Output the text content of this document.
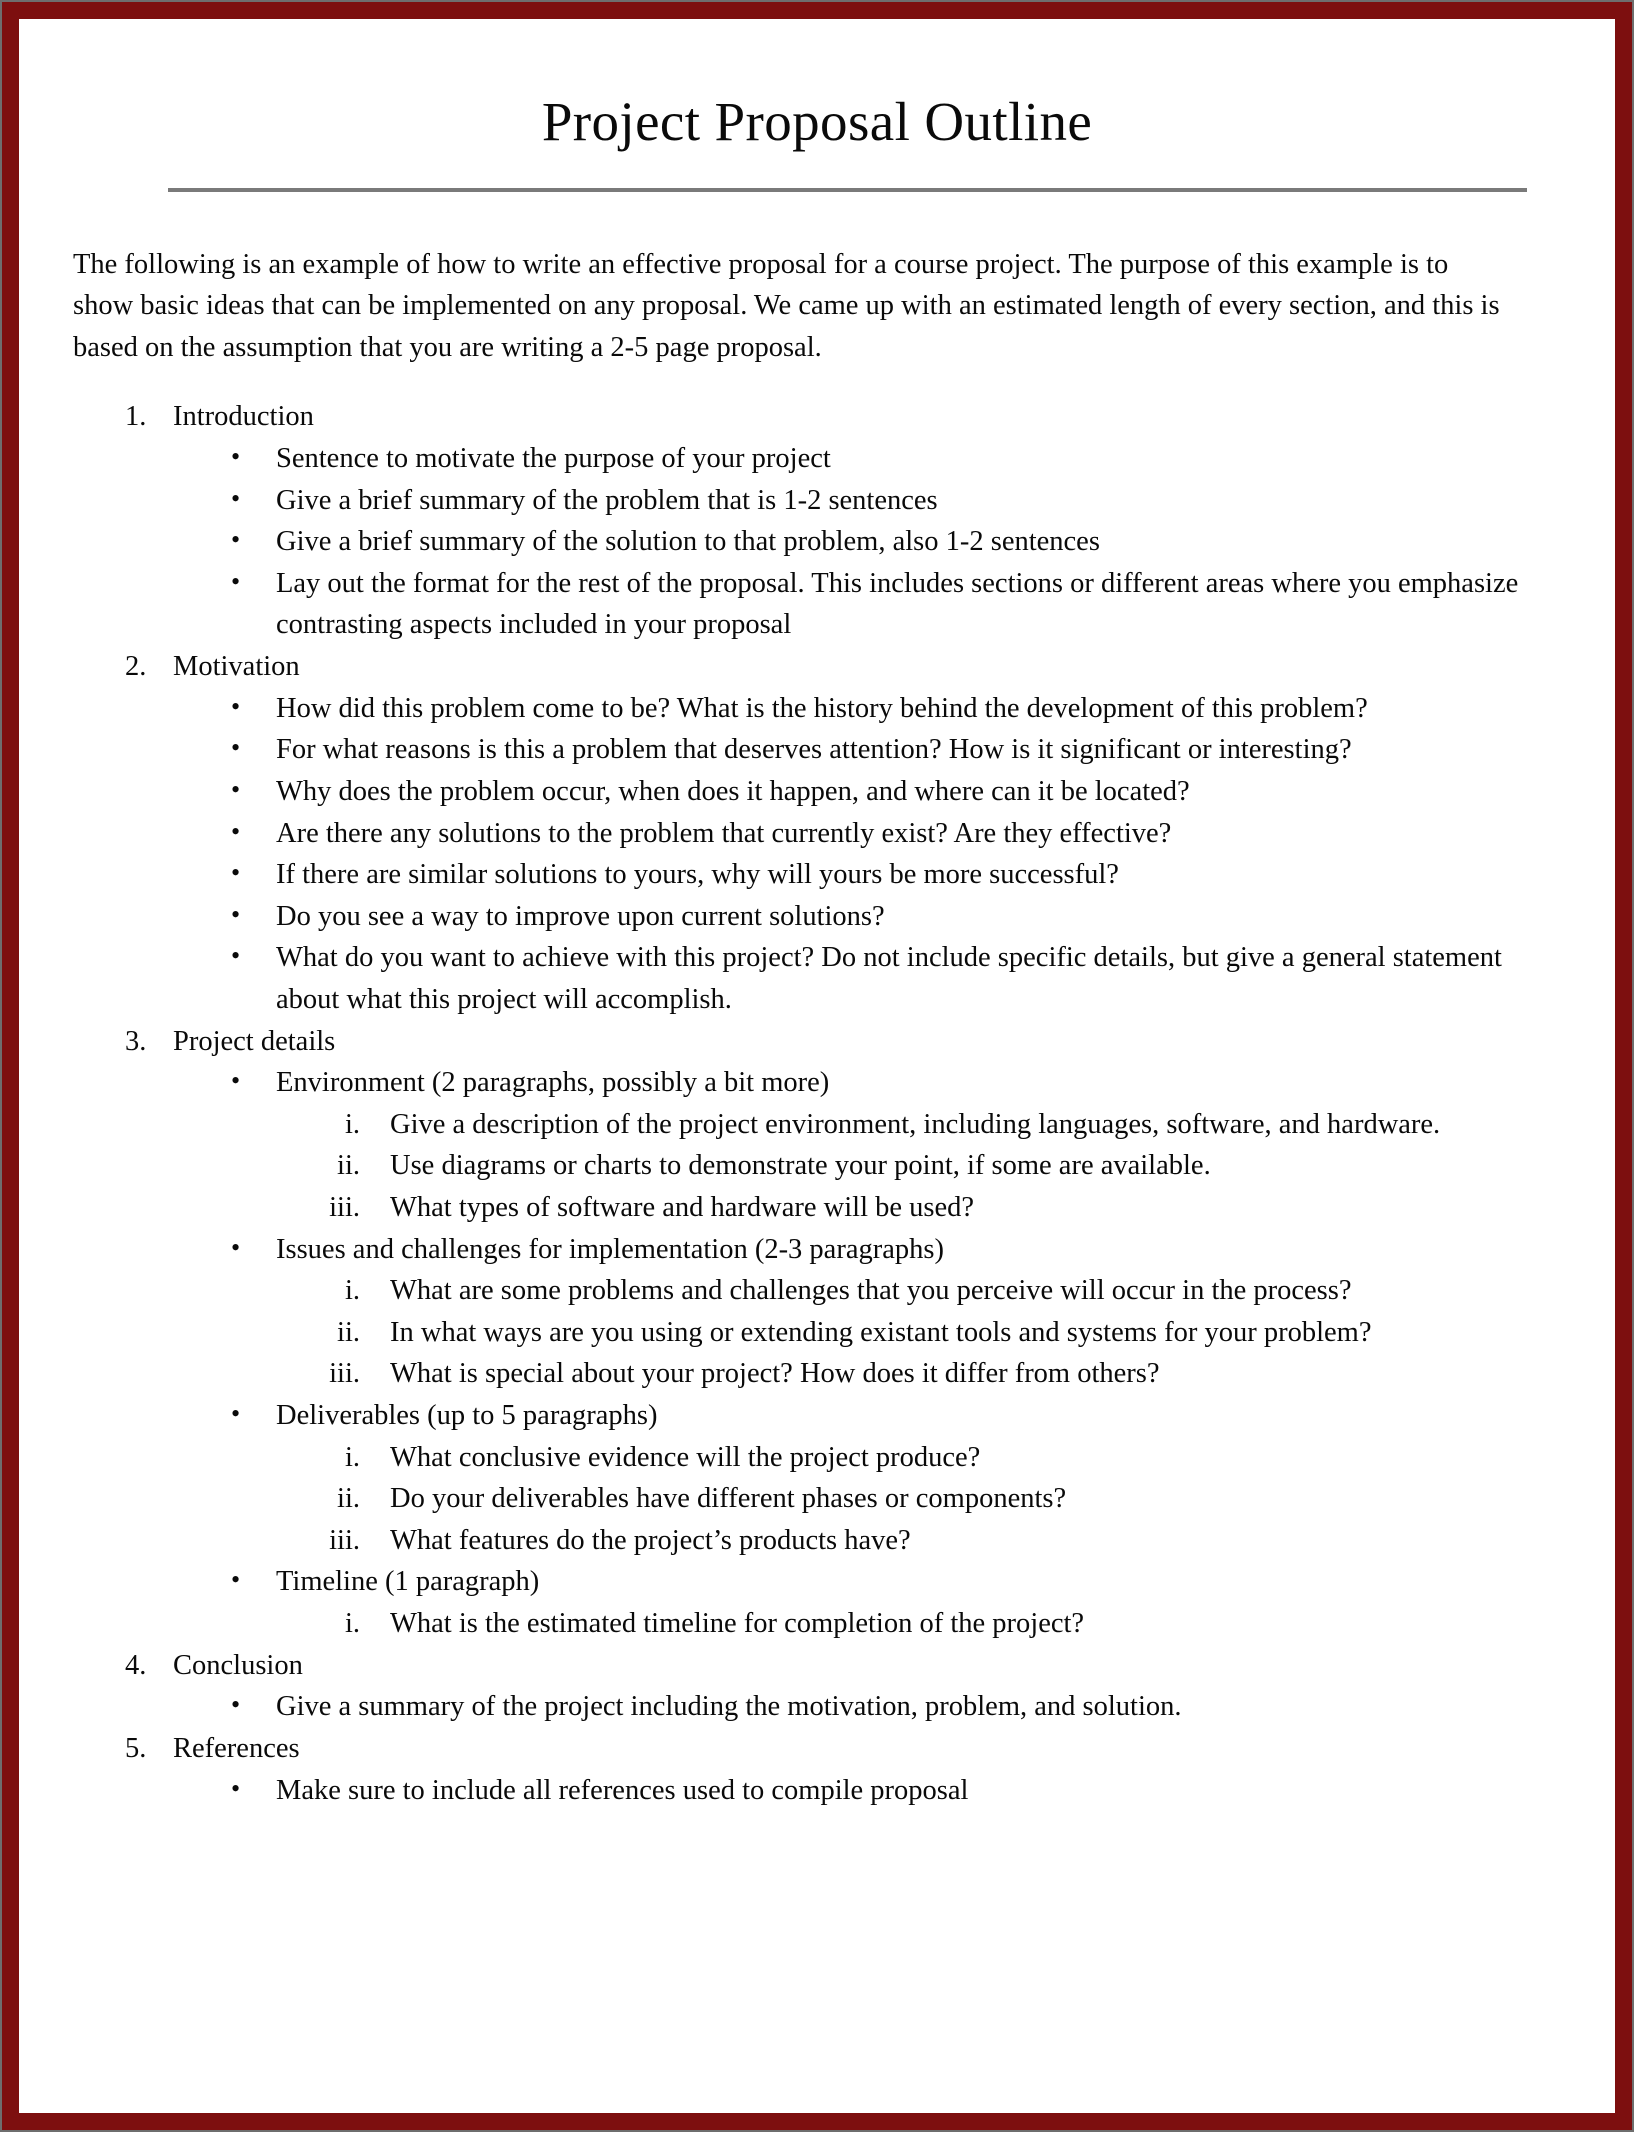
Project Proposal Outline

The following is an example of how to write an effective proposal for a course project. The purpose of this example is to show basic ideas that can be implemented on any proposal. We came up with an estimated length of every section, and this is based on the assumption that you are writing a 2-5 page proposal.

1. Introduction
• Sentence to motivate the purpose of your project
• Give a brief summary of the problem that is 1-2 sentences
• Give a brief summary of the solution to that problem, also 1-2 sentences
• Lay out the format for the rest of the proposal. This includes sections or different areas where you emphasize contrasting aspects included in your proposal
2. Motivation
• How did this problem come to be? What is the history behind the development of this problem?
• For what reasons is this a problem that deserves attention? How is it significant or interesting?
• Why does the problem occur, when does it happen, and where can it be located?
• Are there any solutions to the problem that currently exist? Are they effective?
• If there are similar solutions to yours, why will yours be more successful?
• Do you see a way to improve upon current solutions?
• What do you want to achieve with this project? Do not include specific details, but give a general statement about what this project will accomplish.
3. Project details
• Environment (2 paragraphs, possibly a bit more)
i. Give a description of the project environment, including languages, software, and hardware.
ii. Use diagrams or charts to demonstrate your point, if some are available.
iii. What types of software and hardware will be used?
• Issues and challenges for implementation (2-3 paragraphs)
i. What are some problems and challenges that you perceive will occur in the process?
ii. In what ways are you using or extending existant tools and systems for your problem?
iii. What is special about your project? How does it differ from others?
• Deliverables (up to 5 paragraphs)
i. What conclusive evidence will the project produce?
ii. Do your deliverables have different phases or components?
iii. What features do the project’s products have?
• Timeline (1 paragraph)
i. What is the estimated timeline for completion of the project?
4. Conclusion
• Give a summary of the project including the motivation, problem, and solution.
5. References
• Make sure to include all references used to compile proposal
